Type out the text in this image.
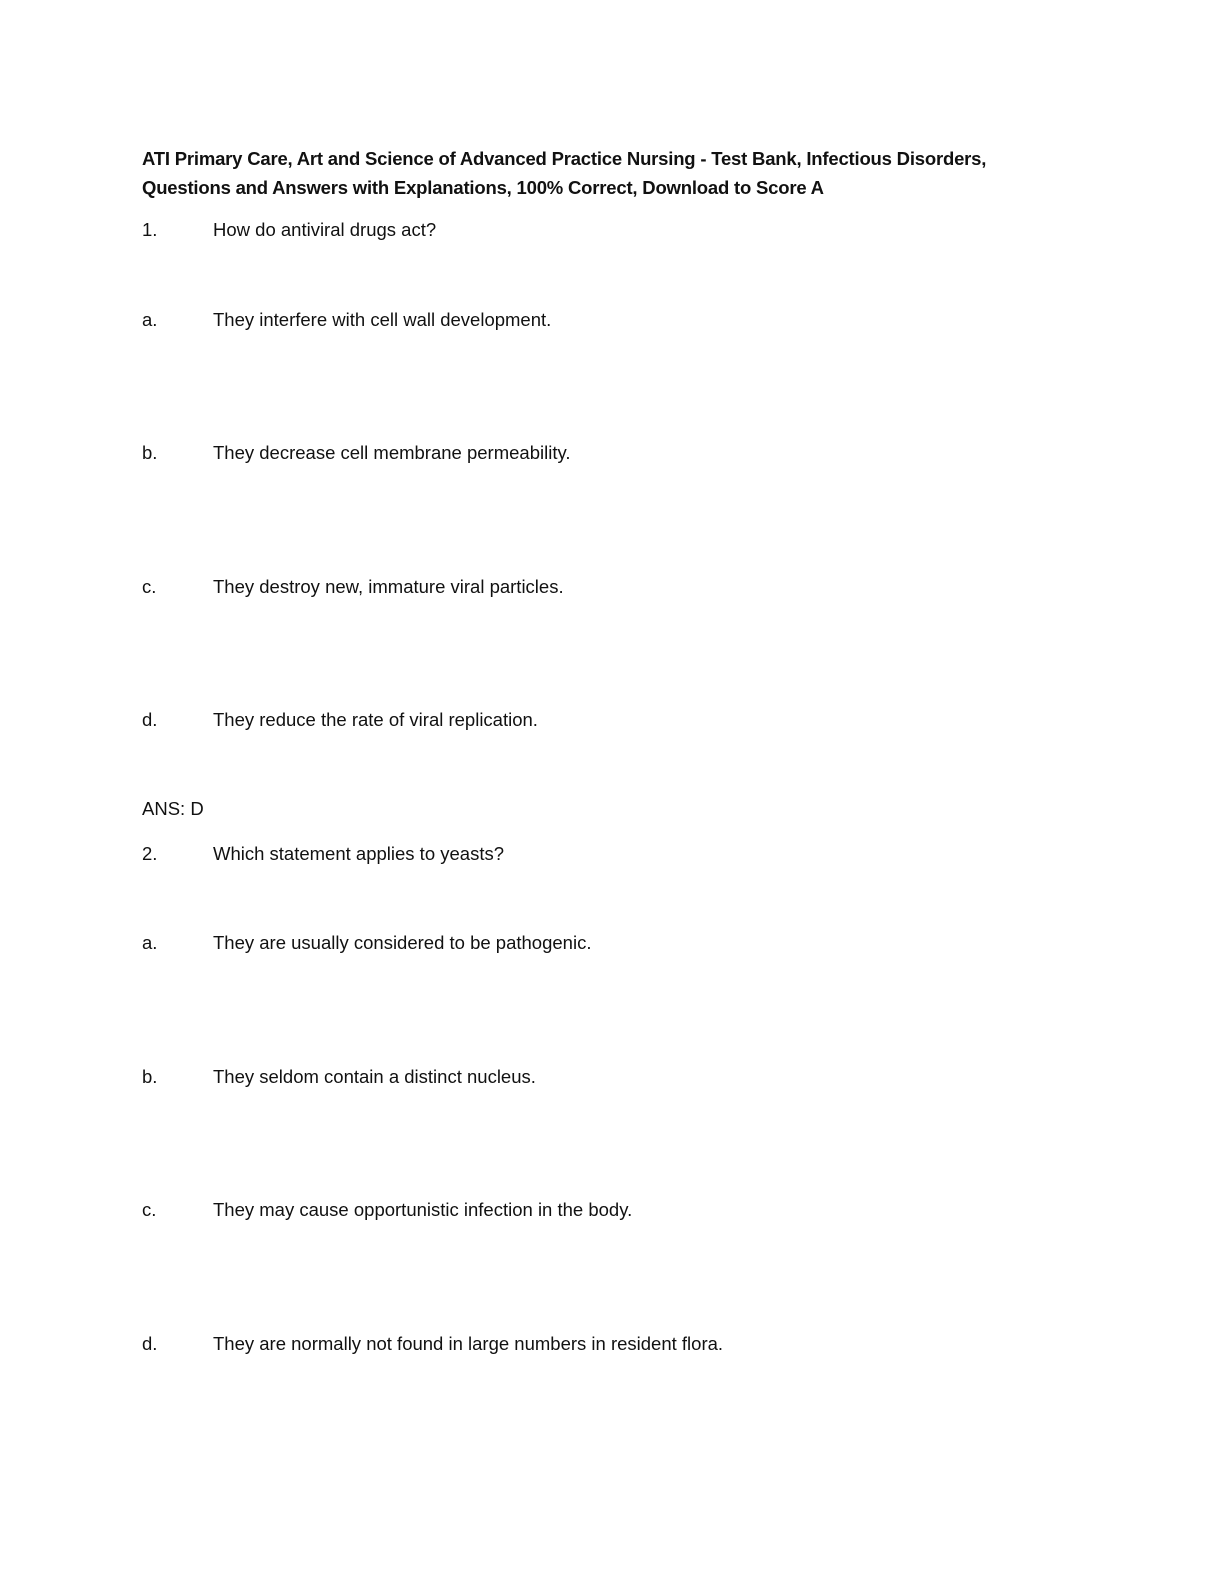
ATI Primary Care, Art and Science of Advanced Practice Nursing - Test Bank, Infectious Disorders,
Questions and Answers with Explanations, 100% Correct, Download to Score A
1.	How do antiviral drugs act?
a.	They interfere with cell wall development.
b.	They decrease cell membrane permeability.
c.	They destroy new, immature viral particles.
d.	They reduce the rate of viral replication.
ANS: D
2.	Which statement applies to yeasts?
a.	They are usually considered to be pathogenic.
b.	They seldom contain a distinct nucleus.
c.	They may cause opportunistic infection in the body.
d.	They are normally not found in large numbers in resident flora.
